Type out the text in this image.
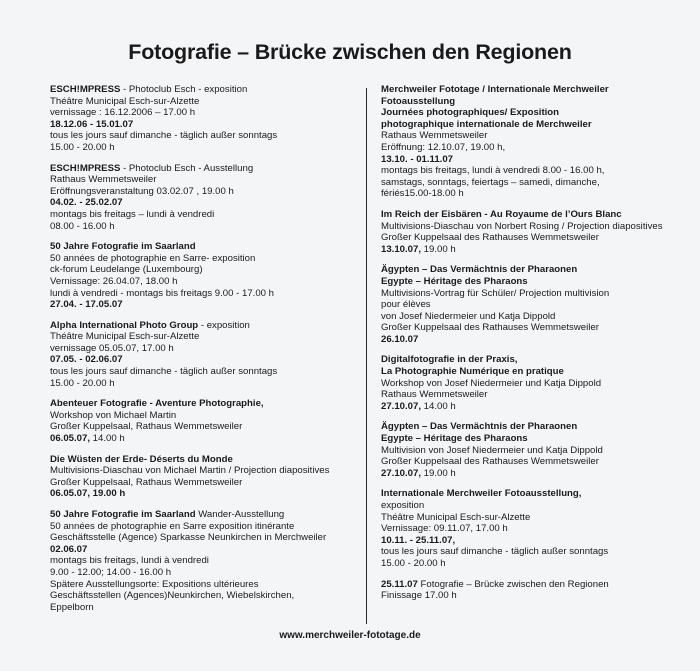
Fotografie – Brücke zwischen den Regionen
ESCH!MPRESS - Photoclub Esch - exposition
Théâtre Municipal Esch-sur-Alzette
vernissage : 16.12.2006 – 17.00 h
18.12.06 - 15.01.07
tous les jours sauf dimanche - täglich außer sonntags
15.00 - 20.00 h
ESCH!MPRESS - Photoclub Esch - Ausstellung
Rathaus Wemmetsweiler
Eröffnungsveranstaltung 03.02.07 , 19.00 h
04.02. - 25.02.07
montags bis freitags – lundi à vendredi
08.00 - 16.00 h
50 Jahre Fotografie im Saarland
50 années de photographie en Sarre- exposition
ck-forum Leudelange (Luxembourg)
Vernissage: 26.04.07, 18.00 h
lundi à vendredi - montags bis freitags 9.00 - 17.00 h
27.04. - 17.05.07
Alpha International Photo Group - exposition
Théâtre Municipal Esch-sur-Alzette
vernissage 05.05.07, 17.00 h
07.05. - 02.06.07
tous les jours sauf dimanche - täglich außer sonntags
15.00 - 20.00 h
Abenteuer Fotografie - Aventure Photographie,
Workshop von Michael Martin
Großer Kuppelsaal, Rathaus Wemmetsweiler
06.05.07, 14.00 h
Die Wüsten der Erde- Déserts du Monde
Multivisions-Diaschau von Michael Martin / Projection diapositives
Großer Kuppelsaal, Rathaus Wemmetsweiler
06.05.07, 19.00 h
50 Jahre Fotografie im Saarland Wander-Ausstellung
50 années de photographie en Sarre exposition itinérante
Geschäftsstelle (Agence) Sparkasse Neunkirchen in Merchweiler
02.06.07
montags bis freitags, lundi à vendredi
9.00 - 12.00; 14.00 - 16.00 h
Spätere Ausstellungsorte: Expositions ultérieures
Geschäftsstellen (Agences)Neunkirchen, Wiebelskirchen,
Eppelborn
Merchweiler Fototage / Internationale Merchweiler
Fotoausstellung
Journées photographiques/ Exposition
photographique internationale de Merchweiler
Rathaus Wemmetsweiler
Eröffnung: 12.10.07, 19.00 h,
13.10. - 01.11.07
montags bis freitags, lundi à vendredi 8.00 - 16.00 h,
samstags, sonntags, feiertags – samedi, dimanche,
fériés15.00-18.00 h
Im Reich der Eisbären - Au Royaume de l’Ours Blanc
Multivisions-Diaschau von Norbert Rosing / Projection diapositives
Großer Kuppelsaal des Rathauses Wemmetsweiler
13.10.07, 19.00 h
Ägypten – Das Vermächtnis der Pharaonen
Egypte – Héritage des Pharaons
Multivisions-Vortrag für Schüler/ Projection multivision
pour élèves
von Josef Niedermeier und Katja Dippold
Großer Kuppelsaal des Rathauses Wemmetsweiler
26.10.07
Digitalfotografie in der Praxis,
La Photographie Numérique en pratique
Workshop von Josef Niedermeier und Katja Dippold
Rathaus Wemmetsweiler
27.10.07, 14.00 h
Ägypten – Das Vermächtnis der Pharaonen
Egypte – Héritage des Pharaons
Multivision von Josef Niedermeier und Katja Dippold
Großer Kuppelsaal des Rathauses Wemmetsweiler
27.10.07, 19.00 h
Internationale Merchweiler Fotoausstellung,
exposition
Théâtre Municipal Esch-sur-Alzette
Vernissage: 09.11.07, 17.00 h
10.11. - 25.11.07,
tous les jours sauf dimanche - täglich außer sonntags
15.00 - 20.00 h
25.11.07 Fotografie – Brücke zwischen den Regionen
Finissage 17.00 h
www.merchweiler-fototage.de
